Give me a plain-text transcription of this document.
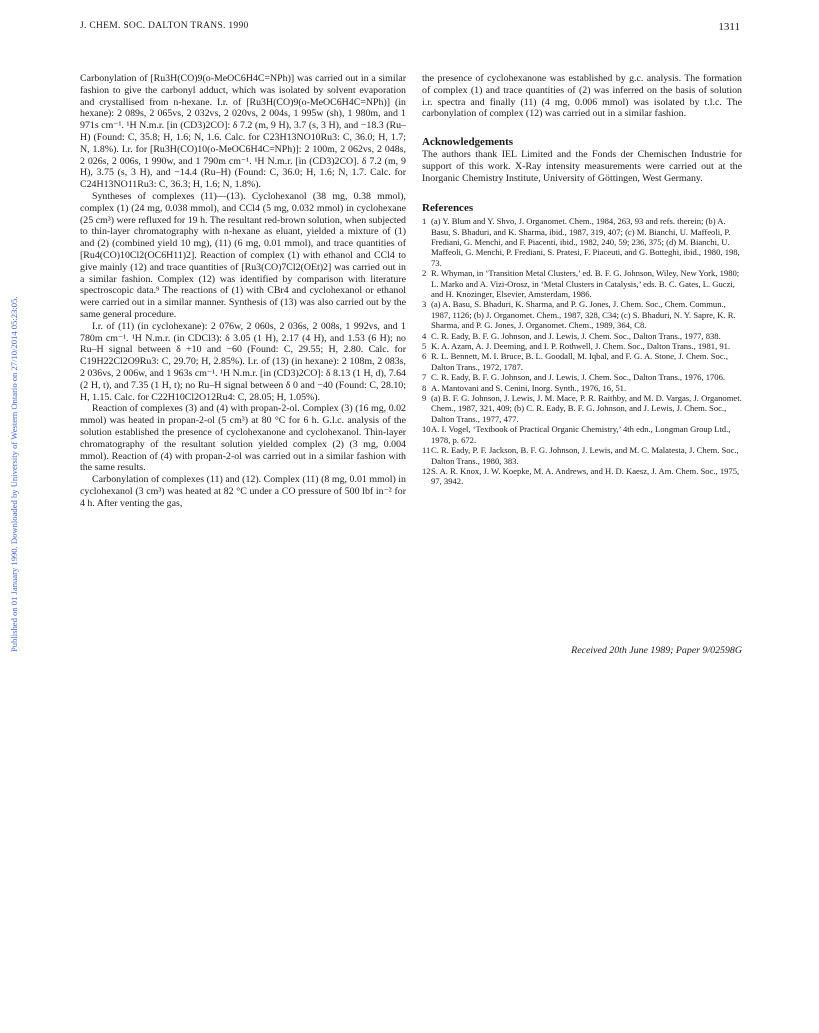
J. CHEM. SOC. DALTON TRANS. 1990	1311
Published on 01 January 1990. Downloaded by University of Western Ontario on 27/10/2014 05:23:05.

Carbonylation of [Ru3H(CO)9(o-MeOC6H4C=NPh)] was carried out in a similar fashion to give the carbonyl adduct, which was isolated by solvent evaporation and crystallised from n-hexane. I.r. of [Ru3H(CO)9(o-MeOC6H4C=NPh)] (in hexane): 2 089s, 2 065vs, 2 032vs, 2 020vs, 2 004s, 1 995w (sh), 1 980m, and 1 971s cm⁻¹. ¹H N.m.r. [in (CD3)2CO]: δ 7.2 (m, 9 H), 3.7 (s, 3 H), and −18.3 (Ru–H) (Found: C, 35.8; H, 1.6; N, 1.6. Calc. for C23H13NO10Ru3: C, 36.0; H, 1.7; N, 1.8%). I.r. for [Ru3H(CO)10(o-MeOC6H4C=NPh)]: 2 100m, 2 062vs, 2 048s, 2 026s, 2 006s, 1 990w, and 1 790m cm⁻¹. ¹H N.m.r. [in (CD3)2CO]. δ 7.2 (m, 9 H), 3.75 (s, 3 H), and −14.4 (Ru–H) (Found: C, 36.0; H, 1.6; N, 1.7. Calc. for C24H13NO11Ru3: C, 36.3; H, 1.6; N, 1.8%).

Syntheses of complexes (11)—(13). Cyclohexanol (38 mg, 0.38 mmol), complex (1) (24 mg, 0.038 mmol), and CCl4 (5 mg, 0.032 mmol) in cyclohexane (25 cm³) were refluxed for 19 h. The resultant red-brown solution, when subjected to thin-layer chromatography with n-hexane as eluant, yielded a mixture of (1) and (2) (combined yield 10 mg), (11) (6 mg, 0.01 mmol), and trace quantities of [Ru4(CO)10Cl2(OC6H11)2]. Reaction of complex (1) with ethanol and CCl4 to give mainly (12) and trace quantities of [Ru3(CO)7Cl2(OEt)2] was carried out in a similar fashion. Complex (12) was identified by comparison with literature spectroscopic data.⁹ The reactions of (1) with CBr4 and cyclohexanol or ethanol were carried out in a similar manner. Synthesis of (13) was also carried out by the same general procedure.

I.r. of (11) (in cyclohexane): 2 076w, 2 060s, 2 036s, 2 008s, 1 992vs, and 1 780m cm⁻¹. ¹H N.m.r. (in CDCl3): δ 3.05 (1 H), 2.17 (4 H), and 1.53 (6 H); no Ru–H signal between δ +10 and −60 (Found: C, 29.55; H, 2.80. Calc. for C19H22Cl2O9Ru3: C, 29.70; H, 2.85%). I.r. of (13) (in hexane): 2 108m, 2 083s, 2 036vs, 2 006w, and 1 963s cm⁻¹. ¹H N.m.r. [in (CD3)2CO]: δ 8.13 (1 H, d), 7.64 (2 H, t), and 7.35 (1 H, t); no Ru–H signal between δ 0 and −40 (Found: C, 28.10; H, 1.15. Calc. for C22H10Cl2O12Ru4: C, 28.05; H, 1.05%).

Reaction of complexes (3) and (4) with propan-2-ol. Complex (3) (16 mg, 0.02 mmol) was heated in propan-2-ol (5 cm³) at 80 °C for 6 h. G.l.c. analysis of the solution established the presence of cyclohexanone and cyclohexanol. Thin-layer chromatography of the resultant solution yielded complex (2) (3 mg, 0.004 mmol). Reaction of (4) with propan-2-ol was carried out in a similar fashion with the same results.

Carbonylation of complexes (11) and (12). Complex (11) (8 mg, 0.01 mmol) in cyclohexanol (3 cm³) was heated at 82 °C under a CO pressure of 500 lbf in⁻² for 4 h. After venting the gas,

the presence of cyclohexanone was established by g.c. analysis. The formation of complex (1) and trace quantities of (2) was inferred on the basis of solution i.r. spectra and finally (11) (4 mg, 0.006 mmol) was isolated by t.l.c. The carbonylation of complex (12) was carried out in a similar fashion.

Acknowledgements

The authors thank IEL Limited and the Fonds der Chemischen Industrie for support of this work. X-Ray intensity measurements were carried out at the Inorganic Chemistry Institute, University of Göttingen, West Germany.

References
1 (a) Y. Blum and Y. Shvo, J. Organomet. Chem., 1984, 263, 93 and refs. therein; (b) A. Basu, S. Bhaduri, and K. Sharma, ibid., 1987, 319, 407; (c) M. Bianchi, U. Maffeoli, P. Frediani, G. Menchi, and F. Piacenti, ibid., 1982, 240, 59; 236, 375; (d) M. Bianchi, U. Maffeoli, G. Menchi, P. Frediani, S. Pratesi, F. Piaceuti, and G. Botteghi, ibid., 1980, 198, 73.
2 R. Whyman, in ‘Transition Metal Clusters,’ ed. B. F. G. Johnson, Wiley, New York, 1980; L. Marko and A. Vizi-Orosz, in ‘Metal Clusters in Catalysis,’ eds. B. C. Gates, L. Guczi, and H. Knozinger, Elsevier, Amsterdam, 1986.
3 (a) A. Basu, S. Bhaduri, K. Sharma, and P. G. Jones, J. Chem. Soc., Chem. Commun., 1987, 1126; (b) J. Organomet. Chem., 1987, 328, C34; (c) S. Bhaduri, N. Y. Sapre, K. R. Sharma, and P. G. Jones, J. Organomet. Chem., 1989, 364, C8.
4 C. R. Eady, B. F. G. Johnson, and J. Lewis, J. Chem. Soc., Dalton Trans., 1977, 838.
5 K. A. Azam, A. J. Deeming, and I. P. Rothwell, J. Chem. Soc., Dalton Trans., 1981, 91.
6 R. L. Bennett, M. I. Bruce, B. L. Goodall, M. Iqbal, and F. G. A. Stone, J. Chem. Soc., Dalton Trans., 1972, 1787.
7 C. R. Eady, B. F. G. Johnson, and J. Lewis, J. Chem. Soc., Dalton Trans., 1976, 1706.
8 A. Mantovani and S. Cenini, Inorg. Synth., 1976, 16, 51.
9 (a) B. F. G. Johnson, J. Lewis, J. M. Mace, P. R. Raithby, and M. D. Vargas, J. Organomet. Chem., 1987, 321, 409; (b) C. R. Eady, B. F. G. Johnson, and J. Lewis, J. Chem. Soc., Dalton Trans., 1977, 477.
10 A. I. Vogel, ‘Textbook of Practical Organic Chemistry,’ 4th edn., Longman Group Ltd., 1978, p. 672.
11 C. R. Eady, P. F. Jackson, B. F. G. Johnson, J. Lewis, and M. C. Malatesta, J. Chem. Soc., Dalton Trans., 1980, 383.
12 S. A. R. Knox, J. W. Koepke, M. A. Andrews, and H. D. Kaesz, J. Am. Chem. Soc., 1975, 97, 3942.
Received 20th June 1989; Paper 9/02598G
